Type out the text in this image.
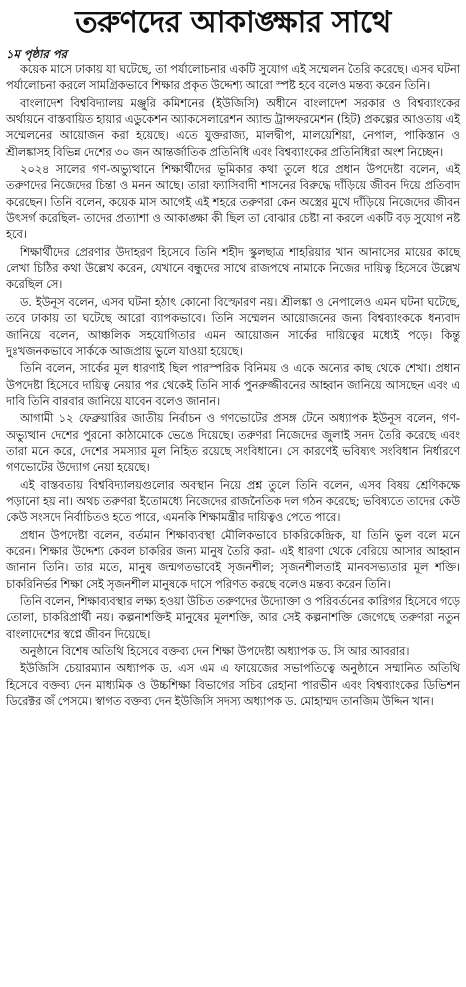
তরুণদের আকাঙ্ক্ষার সাথে

১ম পৃষ্ঠার পর

কয়েক মাসে ঢাকায় যা ঘটেছে, তা পর্যালোচনার একটি সুযোগ এই সম্মেলন তৈরি করেছে। এসব ঘটনা পর্যালোচনা করলে সামগ্রিকভাবে শিক্ষার প্রকৃত উদ্দেশ্য আরো স্পষ্ট হবে বলেও মন্তব্য করেন তিনি।

বাংলাদেশ বিশ্ববিদ্যালয় মঞ্জুরি কমিশনের (ইউজিসি) অধীনে বাংলাদেশ সরকার ও বিশ্বব্যাংকের অর্থায়নে বাস্তবায়িত হায়ার এডুকেশন অ্যাকসেলারেশন অ্যান্ড ট্রান্সফরমেশন (হিট) প্রকল্পের আওতায় এই সম্মেলনের আয়োজন করা হয়েছে। এতে যুক্তরাজ্য, মালদ্বীপ, মালয়েশিয়া, নেপাল, পাকিস্তান ও শ্রীলঙ্কাসহ বিভিন্ন দেশের ৩০ জন আন্তর্জাতিক প্রতিনিধি এবং বিশ্বব্যাংকের প্রতিনিধিরা অংশ নিচ্ছেন।

২০২৪ সালের গণ-অভ্যুত্থানে শিক্ষার্থীদের ভূমিকার কথা তুলে ধরে প্রধান উপদেষ্টা বলেন, এই তরুণদের নিজেদের চিন্তা ও মনন আছে। তারা ফ্যাসিবাদী শাসনের বিরুদ্ধে দাঁড়িয়ে জীবন দিয়ে প্রতিবাদ করেছেন। তিনি বলেন, কয়েক মাস আগেই এই শহরে তরুণরা কেন অস্ত্রের মুখে দাঁড়িয়ে নিজেদের জীবন উৎসর্গ করেছিল- তাদের প্রত্যাশা ও আকাঙ্ক্ষা কী ছিল তা বোঝার চেষ্টা না করলে একটি বড় সুযোগ নষ্ট হবে।

শিক্ষার্থীদের প্রেরণার উদাহরণ হিসেবে তিনি শহীদ স্কুলছাত্র শাহরিয়ার খান আনাসের মায়ের কাছে লেখা চিঠির কথা উল্লেখ করেন, যেখানে বন্ধুদের সাথে রাজপথে নামাকে নিজের দায়িত্ব হিসেবে উল্লেখ করেছিল সে।

ড. ইউনূস বলেন, এসব ঘটনা হঠাৎ কোনো বিস্ফোরণ নয়। শ্রীলঙ্কা ও নেপালেও এমন ঘটনা ঘটেছে, তবে ঢাকায় তা ঘটেছে আরো ব্যাপকভাবে। তিনি সম্মেলন আয়োজনের জন্য বিশ্বব্যাংককে ধন্যবাদ জানিয়ে বলেন, আঞ্চলিক সহযোগিতার এমন আয়োজন সার্কের দায়িত্বের মধ্যেই পড়ে। কিন্তু দুঃখজনকভাবে সার্ককে আজপ্রায় ভুলে যাওয়া হয়েছে।

তিনি বলেন, সার্কের মূল ধারণাই ছিল পারস্পরিক বিনিময় ও একে অন্যের কাছ থেকে শেখা। প্রধান উপদেষ্টা হিসেবে দায়িত্ব নেয়ার পর থেকেই তিনি সার্ক পুনরুজ্জীবনের আহ্বান জানিয়ে আসছেন এবং এ দাবি তিনি বারবার জানিয়ে যাবেন বলেও জানান।

আগামী ১২ ফেব্রুয়ারির জাতীয় নির্বাচন ও গণভোটের প্রসঙ্গ টেনে অধ্যাপক ইউনূস বলেন, গণ-অভ্যুত্থান দেশের পুরনো কাঠামোকে ভেঙে দিয়েছে। তরুণরা নিজেদের জুলাই সনদ তৈরি করেছে এবং তারা মনে করে, দেশের সমস্যার মূল নিহিত রয়েছে সংবিধানে। সে কারণেই ভবিষ্যৎ সংবিধান নির্ধারণে গণভোটের উদ্যোগ নেয়া হয়েছে।

এই বাস্তবতায় বিশ্ববিদ্যালয়গুলোর অবস্থান নিয়ে প্রশ্ন তুলে তিনি বলেন, এসব বিষয় শ্রেণিকক্ষে পড়ানো হয় না। অথচ তরুণরা ইতোমধ্যে নিজেদের রাজনৈতিক দল গঠন করেছে; ভবিষ্যতে তাদের কেউ কেউ সংসদে নির্বাচিতও হতে পারে, এমনকি শিক্ষামন্ত্রীর দায়িত্বও পেতে পারে।

প্রধান উপদেষ্টা বলেন, বর্তমান শিক্ষাব্যবস্থা মৌলিকভাবে চাকরিকেন্দ্রিক, যা তিনি ভুল বলে মনে করেন। শিক্ষার উদ্দেশ্য কেবল চাকরির জন্য মানুষ তৈরি করা- এই ধারণা থেকে বেরিয়ে আসার আহ্বান জানান তিনি। তার মতে, মানুষ জন্মগতভাবেই সৃজনশীল; সৃজনশীলতাই মানবসভ্যতার মূল শক্তি। চাকরিনির্ভর শিক্ষা সেই সৃজনশীল মানুষকে দাসে পরিণত করছে বলেও মন্তব্য করেন তিনি।

তিনি বলেন, শিক্ষাব্যবস্থার লক্ষ্য হওয়া উচিত তরুণদের উদ্যোক্তা ও পরিবর্তনের কারিগর হিসেবে গড়ে তোলা, চাকরিপ্রার্থী নয়। কল্পনাশক্তিই মানুষের মূলশক্তি, আর সেই কল্পনাশক্তি জেগেছে তরুণরা নতুন বাংলাদেশের স্বপ্নে জীবন দিয়েছে।

অনুষ্ঠানে বিশেষ অতিথি হিসেবে বক্তব্য দেন শিক্ষা উপদেষ্টা অধ্যাপক ড. সি আর আবরার।

ইউজিসি চেয়ারম্যান অধ্যাপক ড. এস এম এ ফায়েজের সভাপতিত্বে অনুষ্ঠানে সম্মানিত অতিথি হিসেবে বক্তব্য দেন মাধ্যমিক ও উচ্চশিক্ষা বিভাগের সচিব রেহানা পারভীন এবং বিশ্বব্যাংকের ডিভিশন ডিরেক্টর জঁ পেসমে। স্বাগত বক্তব্য দেন ইউজিসি সদস্য অধ্যাপক ড. মোহাম্মদ তানজিম উদ্দিন খান।
